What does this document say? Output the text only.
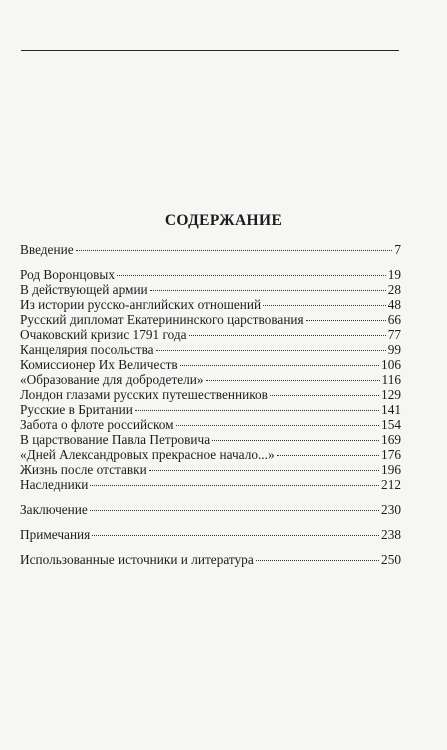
СОДЕРЖАНИЕ
Введение	7
Род Воронцовых	19
В действующей армии	28
Из истории русско-английских отношений	48
Русский дипломат Екатерининского царствования	66
Очаковский кризис 1791 года	77
Канцелярия посольства	99
Комиссионер Их Величеств	106
«Образование для добродетели»	116
Лондон глазами русских путешественников	129
Русские в Британии	141
Забота о флоте российском	154
В царствование Павла Петровича	169
«Дней Александровых прекрасное начало...»	176
Жизнь после отставки	196
Наследники	212
Заключение	230
Примечания	238
Использованные источники и литература	250
